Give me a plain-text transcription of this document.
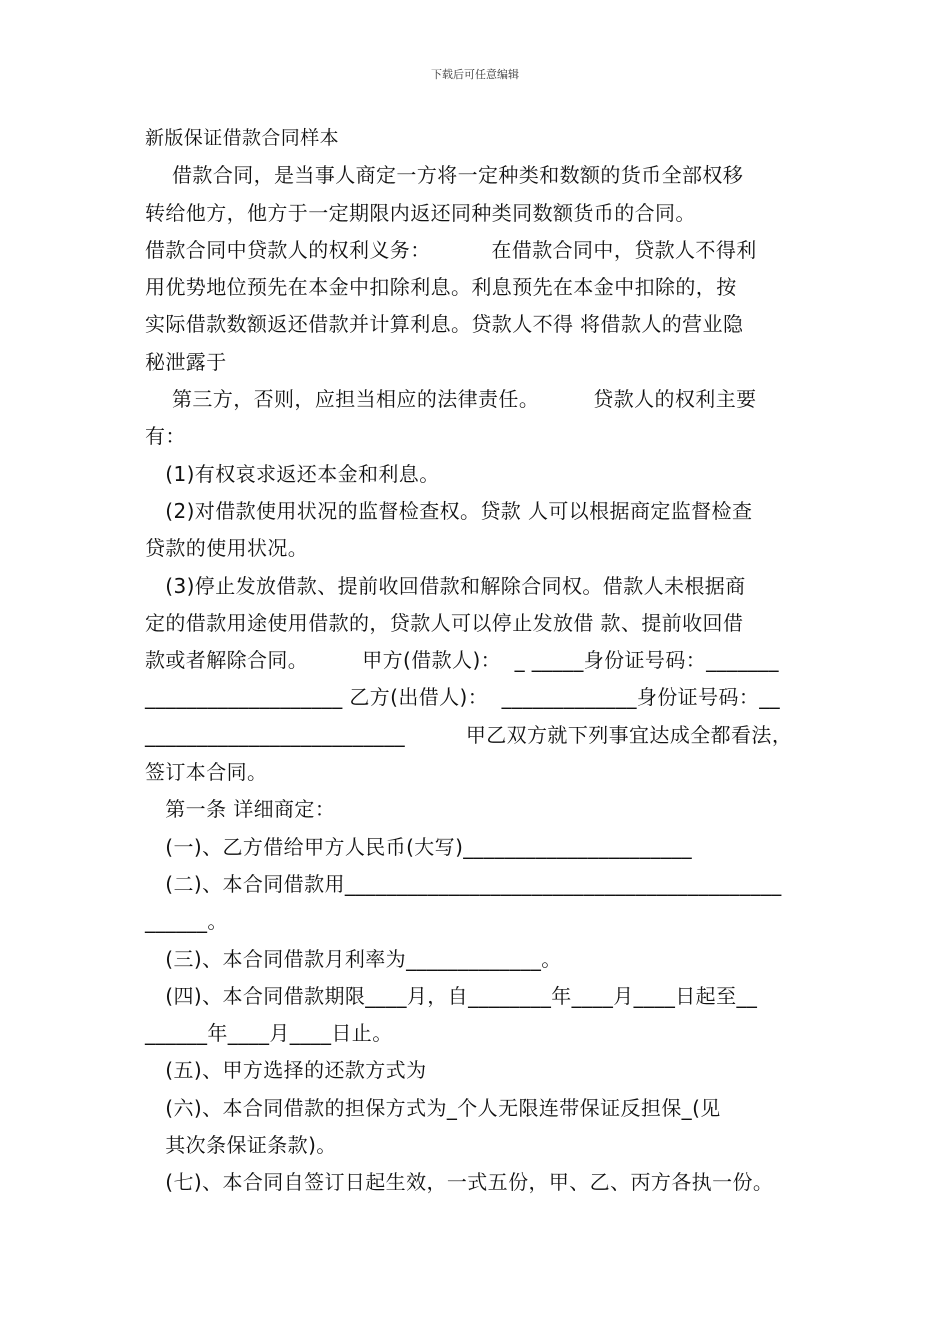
下载后可任意编辑
新版保证借款合同样本
借款合同，是当事人商定一方将一定种类和数额的货币全部权移
转给他方，他方于一定期限内返还同种类同数额货币的合同。
借款合同中贷款人的权利义务：         在借款合同中，贷款人不得利
用优势地位预先在本金中扣除利息。利息预先在本金中扣除的，按
实际借款数额返还借款并计算利息。贷款人不得 将借款人的营业隐
秘泄露于
第三方，否则，应担当相应的法律责任。        贷款人的权利主要
有：
(1)有权哀求返还本金和利息。
(2)对借款使用状况的监督检查权。贷款 人可以根据商定监督检查
贷款的使用状况。
(3)停止发放借款、提前收回借款和解除合同权。借款人未根据商
定的借款用途使用借款的，贷款人可以停止发放借 款、提前收回借
款或者解除合同。        甲方(借款人)：  _ _____身份证号码：_______
___________________ 乙方(出借人)：  _____________身份证号码：__
_________________________         甲乙双方就下列事宜达成全都看法，
签订本合同。
第一条 详细商定：
(一)、乙方借给甲方人民币(大写)______________________
(二)、本合同借款用__________________________________________
______。
(三)、本合同借款月利率为_____________。
(四)、本合同借款期限____月，自________年____月____日起至__
______年____月____日止。
(五)、甲方选择的还款方式为
(六)、本合同借款的担保方式为_个人无限连带保证反担保_(见
其次条保证条款)。
(七)、本合同自签订日起生效，一式五份，甲、乙、丙方各执一份。
